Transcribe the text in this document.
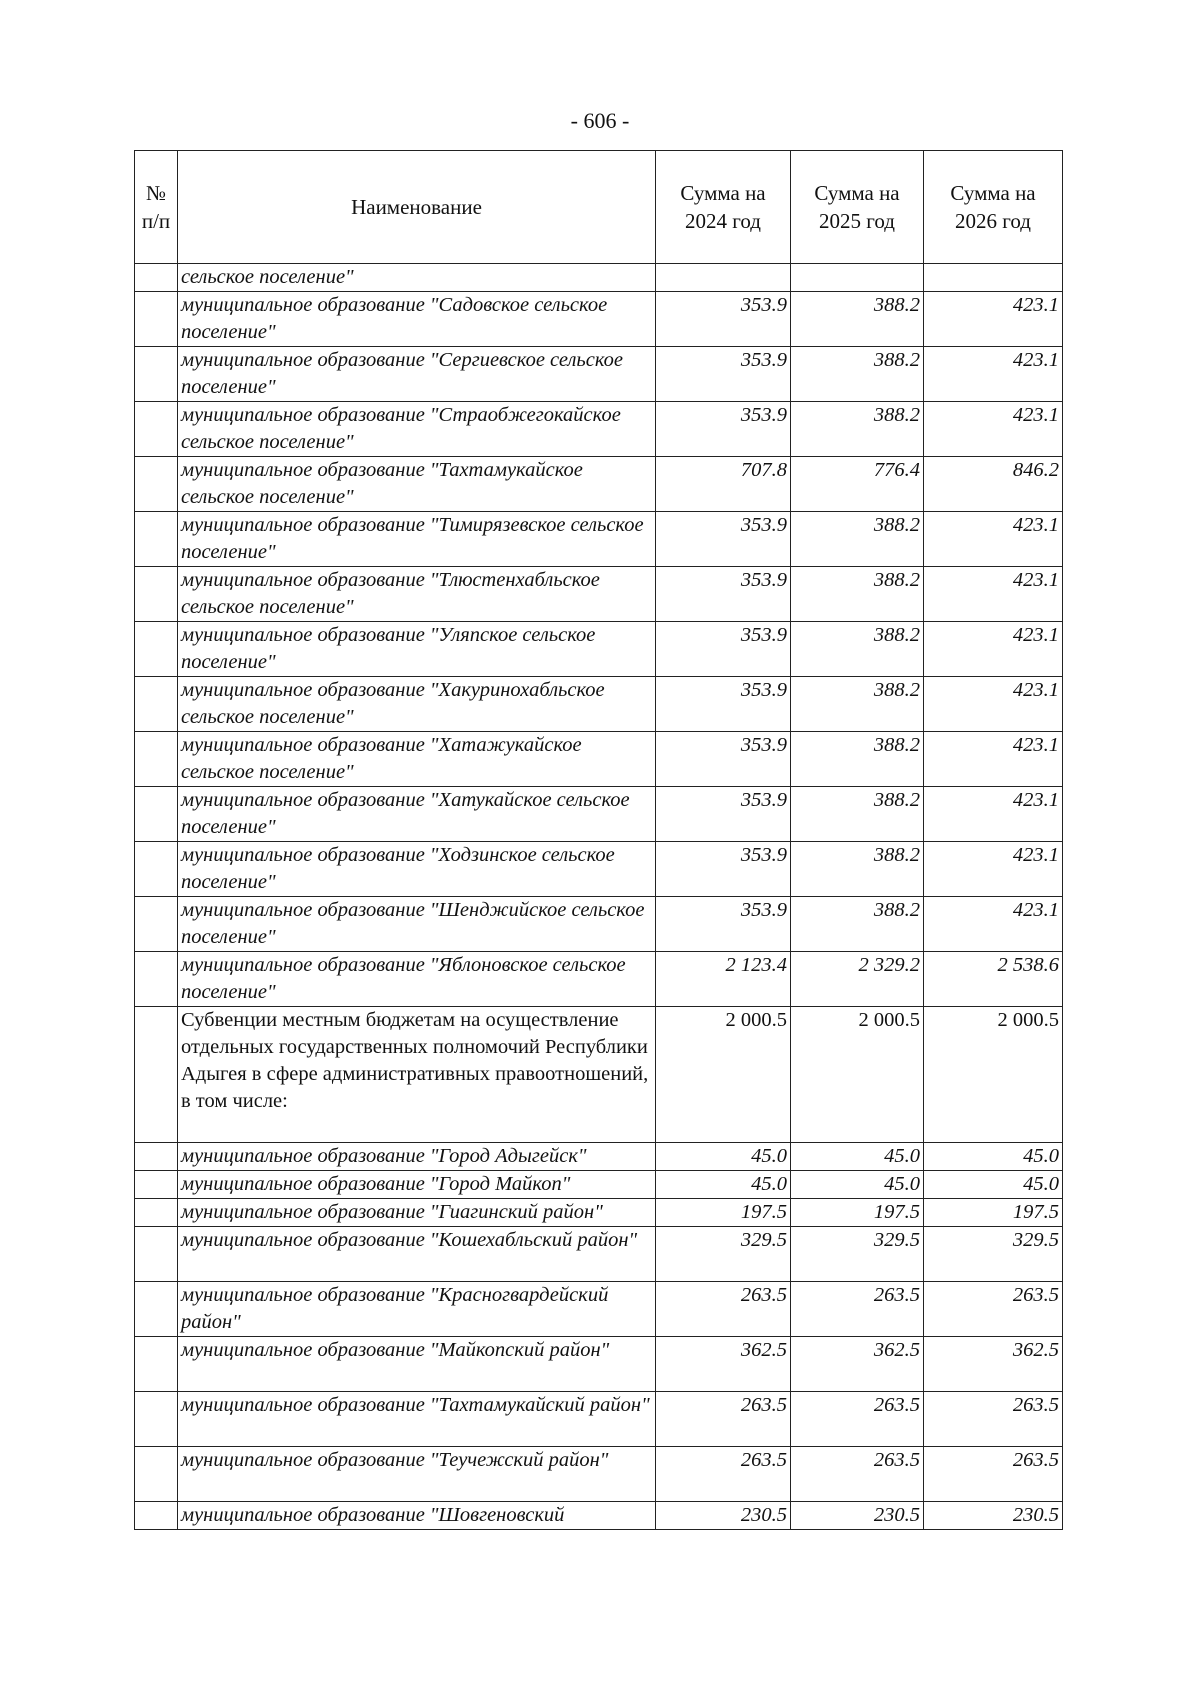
- 606 -
№ п/п	Наименование	Сумма на 2024 год	Сумма на 2025 год	Сумма на 2026 год
	сельское поселение"			
	муниципальное образование "Садовское сельское поселение"	353.9	388.2	423.1
	муниципальное образование "Сергиевское сельское поселение"	353.9	388.2	423.1
	муниципальное образование "Страобжегокайское сельское поселение"	353.9	388.2	423.1
	муниципальное образование "Тахтамукайское сельское поселение"	707.8	776.4	846.2
	муниципальное образование "Тимирязевское сельское поселение"	353.9	388.2	423.1
	муниципальное образование "Тлюстенхабльское сельское поселение"	353.9	388.2	423.1
	муниципальное образование "Уляпское сельское поселение"	353.9	388.2	423.1
	муниципальное образование "Хакуринохабльское сельское поселение"	353.9	388.2	423.1
	муниципальное образование "Хатажукайское сельское поселение"	353.9	388.2	423.1
	муниципальное образование "Хатукайское сельское поселение"	353.9	388.2	423.1
	муниципальное образование "Ходзинское сельское поселение"	353.9	388.2	423.1
	муниципальное образование "Шенджийское сельское поселение"	353.9	388.2	423.1
	муниципальное образование "Яблоновское сельское поселение"	2 123.4	2 329.2	2 538.6
	Субвенции местным бюджетам на осуществление отдельных государственных полномочий Республики Адыгея в сфере административных правоотношений, в том числе:	2 000.5	2 000.5	2 000.5
	муниципальное образование "Город Адыгейск"	45.0	45.0	45.0
	муниципальное образование "Город Майкоп"	45.0	45.0	45.0
	муниципальное образование "Гиагинский район"	197.5	197.5	197.5
	муниципальное образование "Кошехабльский район"	329.5	329.5	329.5
	муниципальное образование "Красногвардейский район"	263.5	263.5	263.5
	муниципальное образование "Майкопский район"	362.5	362.5	362.5
	муниципальное образование "Тахтамукайский район"	263.5	263.5	263.5
	муниципальное образование "Теучежский район"	263.5	263.5	263.5
	муниципальное образование "Шовгеновский	230.5	230.5	230.5
